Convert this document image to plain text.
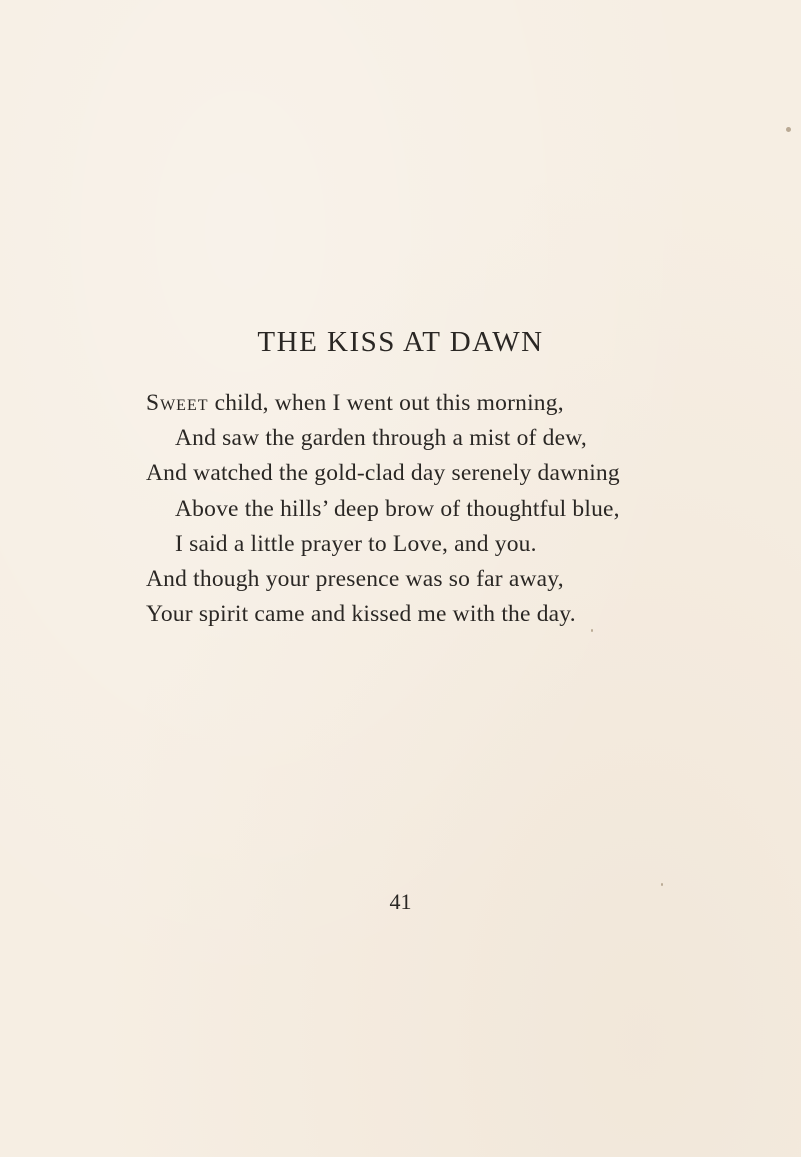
THE KISS AT DAWN
Sweet child, when I went out this morning,
And saw the garden through a mist of dew,
And watched the gold-clad day serenely dawning
Above the hills’ deep brow of thoughtful blue,
I said a little prayer to Love, and you.
And though your presence was so far away,
Your spirit came and kissed me with the day.
41
